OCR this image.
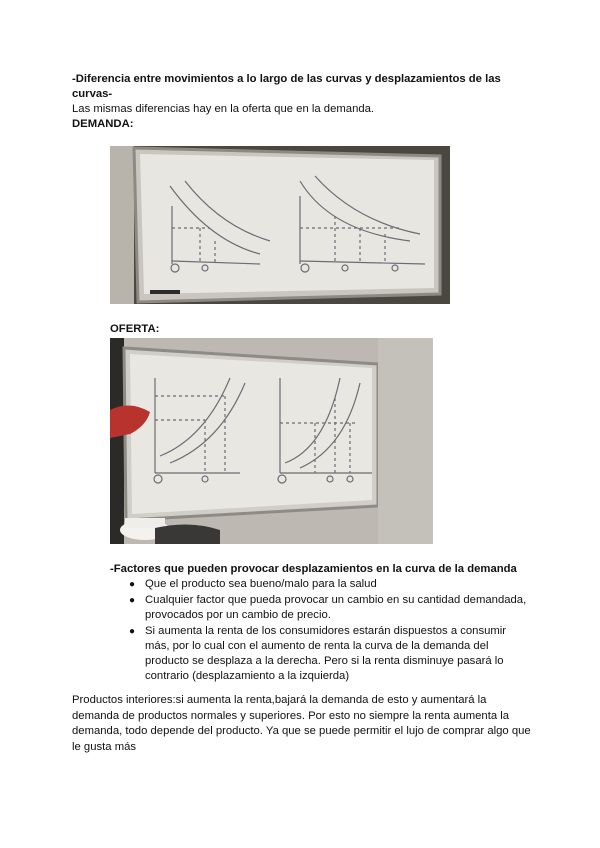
-Diferencia entre movimientos a lo largo de las curvas y desplazamientos de las
curvas-
Las mismas diferencias hay en la oferta que en la demanda.
DEMANDA:
OFERTA:
-Factores que pueden provocar desplazamientos en la curva de la demanda
● Que el producto sea bueno/malo para la salud
● Cualquier factor que pueda provocar un cambio en su cantidad demandada, provocados por un cambio de precio.
● Si aumenta la renta de los consumidores estarán dispuestos a consumir más, por lo cual con el aumento de renta la curva de la demanda del producto se desplaza a la derecha. Pero si la renta disminuye pasará lo contrario (desplazamiento a la izquierda)
Productos interiores:si aumenta la renta,bajará la demanda de esto y aumentará la demanda de productos normales y superiores. Por esto no siempre la renta aumenta la demanda, todo depende del producto. Ya que se puede permitir el lujo de comprar algo que le gusta más
